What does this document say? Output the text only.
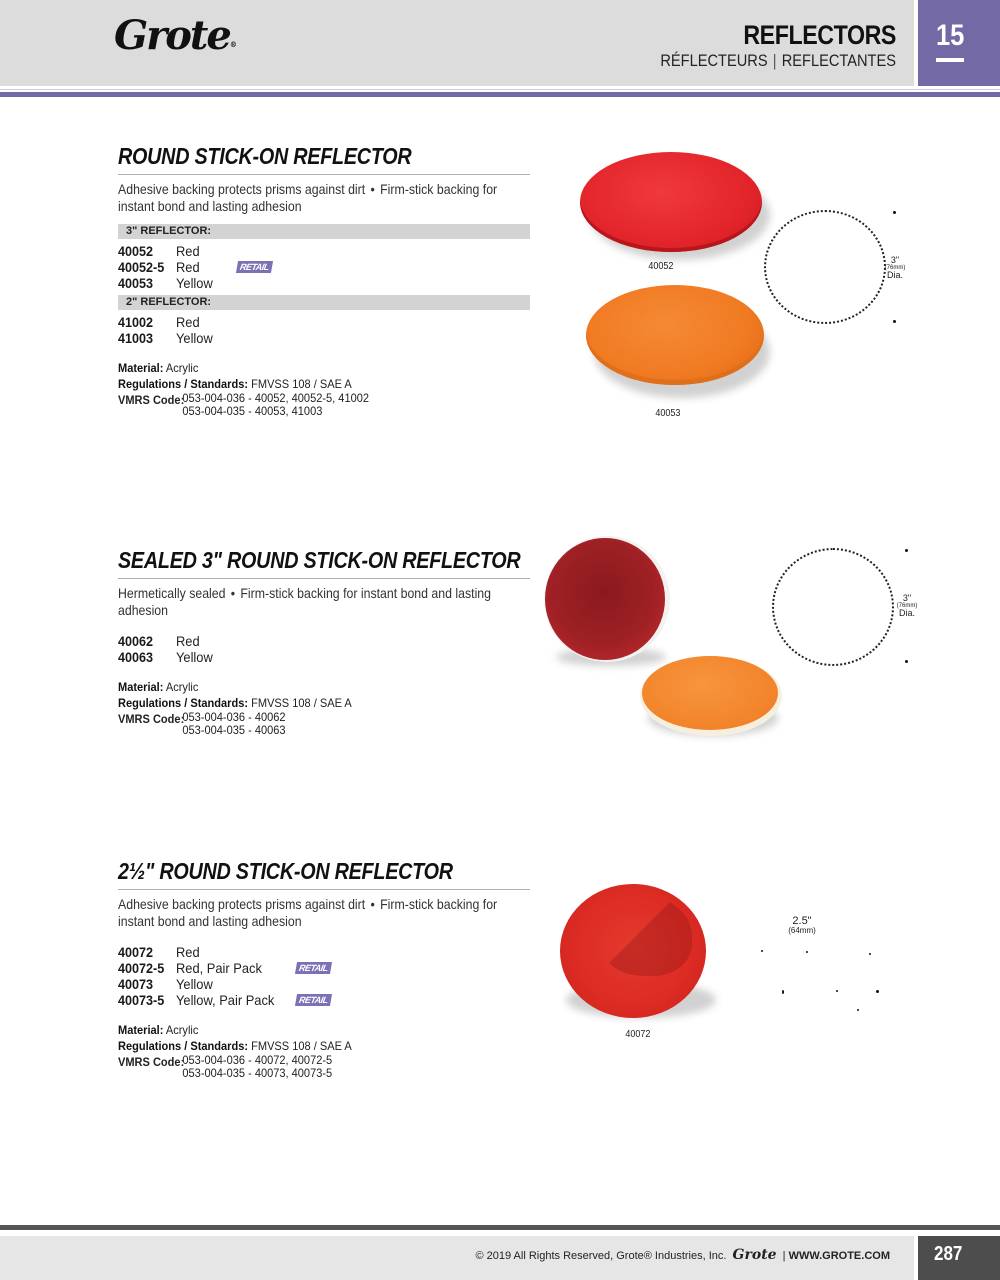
Grote®	REFLECTORS
RÉFLECTEURS | REFLECTANTES
15
ROUND STICK-ON REFLECTOR
Adhesive backing protects prisms against dirt • Firm-stick backing for instant bond and lasting adhesion
3" REFLECTOR:
40052 Red
40052-5 Red	RETAIL
40053 Yellow
2" REFLECTOR:
41002 Red
41003 Yellow
Material: Acrylic
Regulations / Standards: FMVSS 108 / SAE A
VMRS Code:
053-004-036 - 40052, 40052-5, 41002
053-004-035 - 40053, 41003
40052
40053
3"
(76mm)
Dia.
SEALED 3" ROUND STICK-ON REFLECTOR
Hermetically sealed • Firm-stick backing for instant bond and lasting adhesion
40062 Red
40063 Yellow
Material: Acrylic
Regulations / Standards: FMVSS 108 / SAE A
VMRS Code:
053-004-036 - 40062
053-004-035 - 40063
3"
(76mm)
Dia.
2½" ROUND STICK-ON REFLECTOR
Adhesive backing protects prisms against dirt • Firm-stick backing for instant bond and lasting adhesion
40072 Red
40072-5 Red, Pair Pack	RETAIL
40073 Yellow
40073-5 Yellow, Pair Pack	RETAIL
Material: Acrylic
Regulations / Standards: FMVSS 108 / SAE A
VMRS Code:
053-004-036 - 40072, 40072-5
053-004-035 - 40073, 40073-5
40072
2.5"
(64mm)
© 2019 All Rights Reserved, Grote® Industries, Inc. Grote | WWW.GROTE.COM 287
